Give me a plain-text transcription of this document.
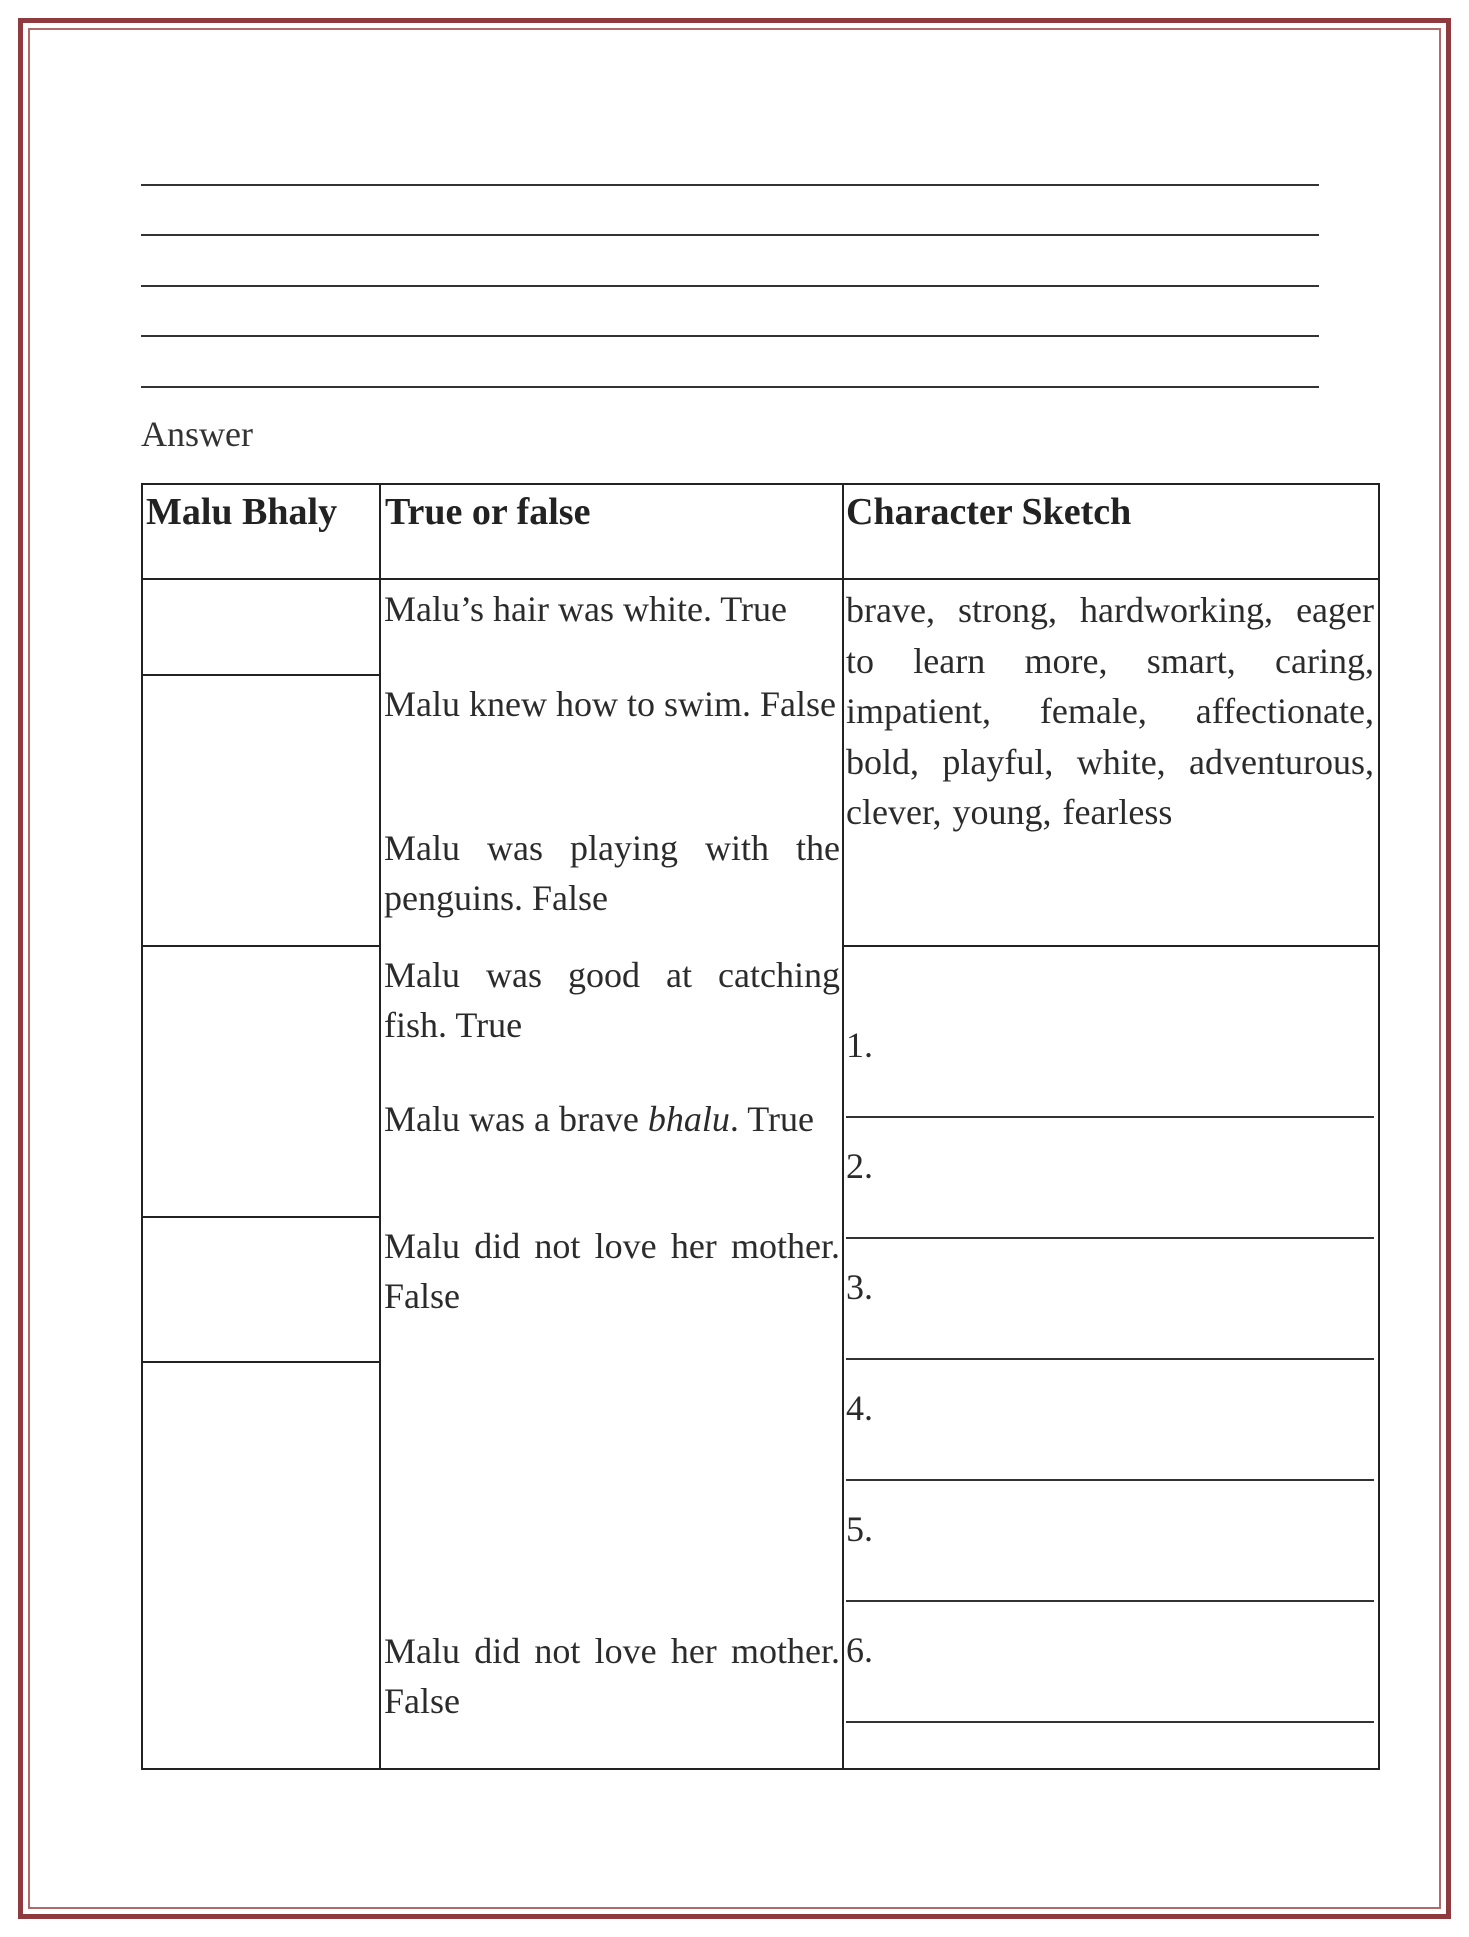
Answer
Malu Bhaly True or false	Character Sketch
Malu’s hair was white. True
Malu knew how to swim. False
Malu was playing with the penguins. False
Malu was good at catching fish. True
Malu was a brave bhalu. True
Malu did not love her mother. False
Malu did not love her mother. False
brave, strong, hardworking, eager to learn more, smart, caring, impatient, female, affectionate, bold, playful, white, adventurous, clever, young, fearless
1.
2.
3.
4.
5.
6.
